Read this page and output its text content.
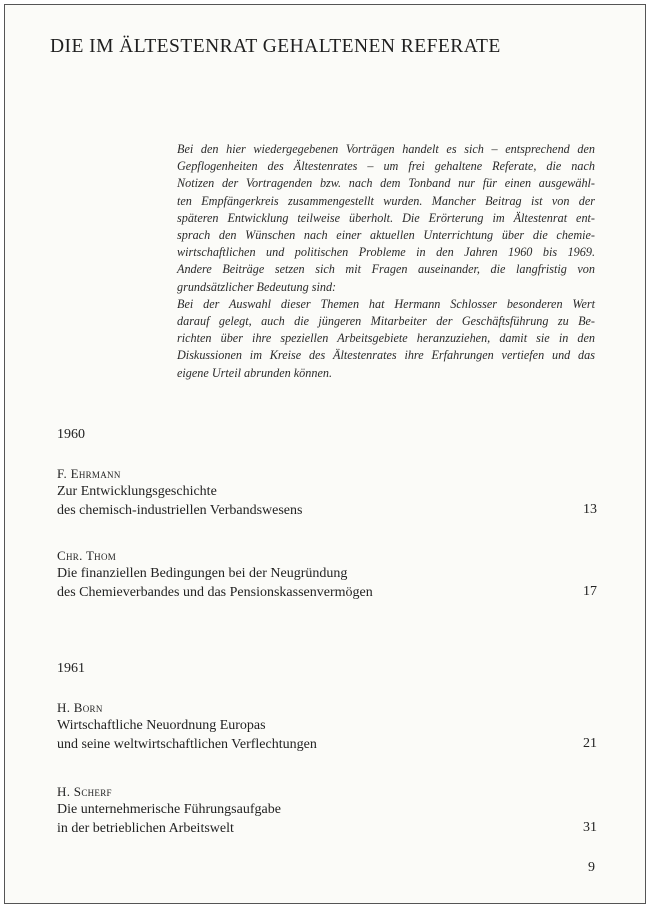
DIE IM ÄLTESTENRAT GEHALTENEN REFERATE
Bei den hier wiedergegebenen Vorträgen handelt es sich – entsprechend den
Gepflogenheiten des Ältestenrates – um frei gehaltene Referate, die nach
Notizen der Vortragenden bzw. nach dem Tonband nur für einen ausgewähl-
ten Empfängerkreis zusammengestellt wurden. Mancher Beitrag ist von der
späteren Entwicklung teilweise überholt. Die Erörterung im Ältestenrat ent-
sprach den Wünschen nach einer aktuellen Unterrichtung über die chemie-
wirtschaftlichen und politischen Probleme in den Jahren 1960 bis 1969.
Andere Beiträge setzen sich mit Fragen auseinander, die langfristig von
grundsätzlicher Bedeutung sind:
Bei der Auswahl dieser Themen hat Hermann Schlosser besonderen Wert
darauf gelegt, auch die jüngeren Mitarbeiter der Geschäftsführung zu Be-
richten über ihre speziellen Arbeitsgebiete heranzuziehen, damit sie in den
Diskussionen im Kreise des Ältestenrates ihre Erfahrungen vertiefen und das
eigene Urteil abrunden können.
1960
F. Ehrmann
Zur Entwicklungsgeschichte
des chemisch-industriellen Verbandswesens	13
Chr. Thom
Die finanziellen Bedingungen bei der Neugründung
des Chemieverbandes und das Pensionskassenvermögen	17
1961
H. Born
Wirtschaftliche Neuordnung Europas
und seine weltwirtschaftlichen Verflechtungen	21
H. Scherf
Die unternehmerische Führungsaufgabe
in der betrieblichen Arbeitswelt	31
9
